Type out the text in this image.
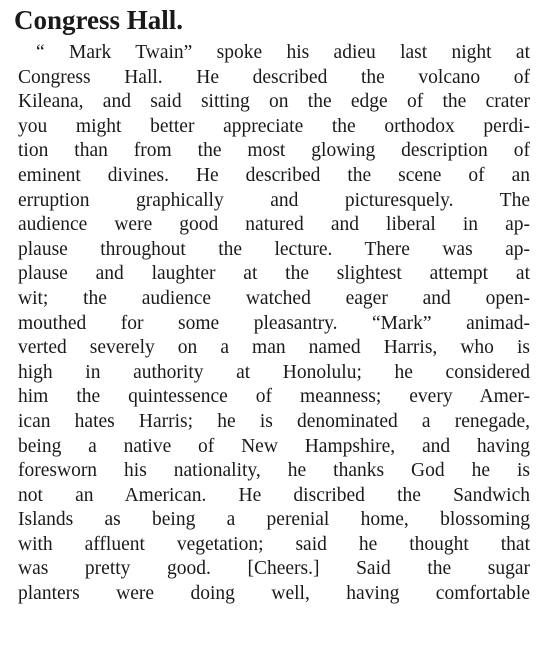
Congress Hall.
“ Mark Twain” spoke his adieu last night at
Congress Hall. He described the volcano of
Kileana, and said sitting on the edge of the crater
you might better appreciate the orthodox perdi-
tion than from the most glowing description of
eminent divines. He described the scene of an
erruption graphically and picturesquely. The
audience were good natured and liberal in ap-
plause throughout the lecture. There was ap-
plause and laughter at the slightest attempt at
wit; the audience watched eager and open-
mouthed for some pleasantry. “Mark” animad-
verted severely on a man named Harris, who is
high in authority at Honolulu; he considered
him the quintessence of meanness; every Amer-
ican hates Harris; he is denominated a renegade,
being a native of New Hampshire, and having
foresworn his nationality, he thanks God he is
not an American. He discribed the Sandwich
Islands as being a perenial home, blossoming
with affluent vegetation; said he thought that
was pretty good. [Cheers.] Said the sugar
planters were doing well, having comfortable
